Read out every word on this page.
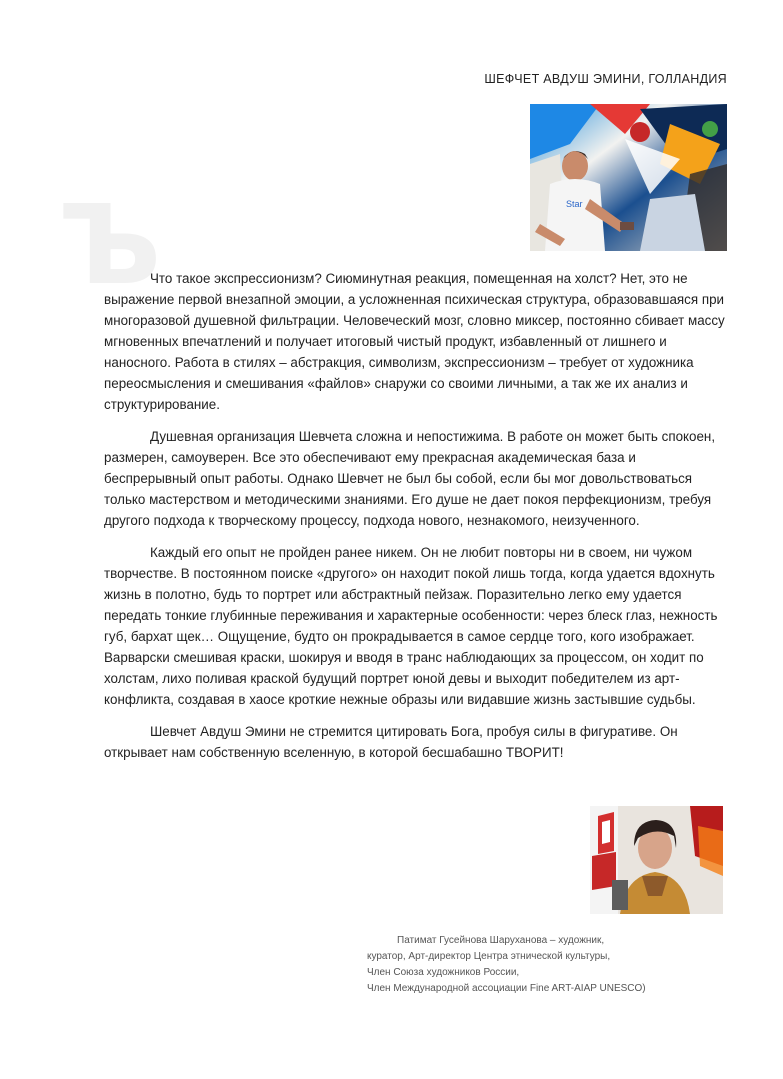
Ъ
ШЕФЧЕТ АВДУШ ЭМИНИ, ГОЛЛАНДИЯ
Star

Что такое экспрессионизм? Сиюминутная реакция, помещенная на холст? Нет, это не выражение первой внезапной эмоции, а усложненная психическая структура, образовавшаяся при многоразовой душевной фильтрации. Человеческий мозг, словно миксер, постоянно сбивает массу мгновенных впечатлений и получает итоговый чистый продукт, избавленный от лишнего и наносного. Работа в стилях – абстракция, символизм, экспрессионизм – требует от художника переосмысления и смешивания «файлов» снаружи со своими личными, а так же их анализ и структурирование.

Душевная организация Шевчета сложна и непостижима. В работе он может быть спокоен, размерен, самоуверен. Все это обеспечивают ему прекрасная академическая база и беспрерывный опыт работы. Однако Шевчет не был бы собой, если бы мог довольствоваться только мастерством и методическими знаниями. Его душе не дает покоя перфекционизм, требуя другого подхода к творческому процессу, подхода нового, незнакомого, неизученного.

Каждый его опыт не пройден ранее никем. Он не любит повторы ни в своем, ни чужом творчестве. В постоянном поиске «другого» он находит покой лишь тогда, когда удается вдохнуть жизнь в полотно, будь то портрет или абстрактный пейзаж. Поразительно легко ему удается передать тонкие глубинные переживания и характерные особенности: через блеск глаз, нежность губ, бархат щек… Ощущение, будто он прокрадывается в самое сердце того, кого изображает. Варварски смешивая краски, шокируя и вводя в транс наблюдающих за процессом, он ходит по холстам, лихо поливая краской будущий портрет юной девы и выходит победителем из арт-конфликта, создавая в хаосе кроткие нежные образы или видавшие жизнь застывшие судьбы.

Шевчет Авдуш Эмини не стремится цитировать Бога, пробуя силы в фигуративе. Он открывает нам собственную вселенную, в которой бесшабашно ТВОРИТ!

Патимат Гусейнова Шаруханова – художник,
куратор, Арт-директор Центра этнической культуры,
Член Союза художников России,
Член Международной ассоциации Fine ART-AIAP UNESCO)
